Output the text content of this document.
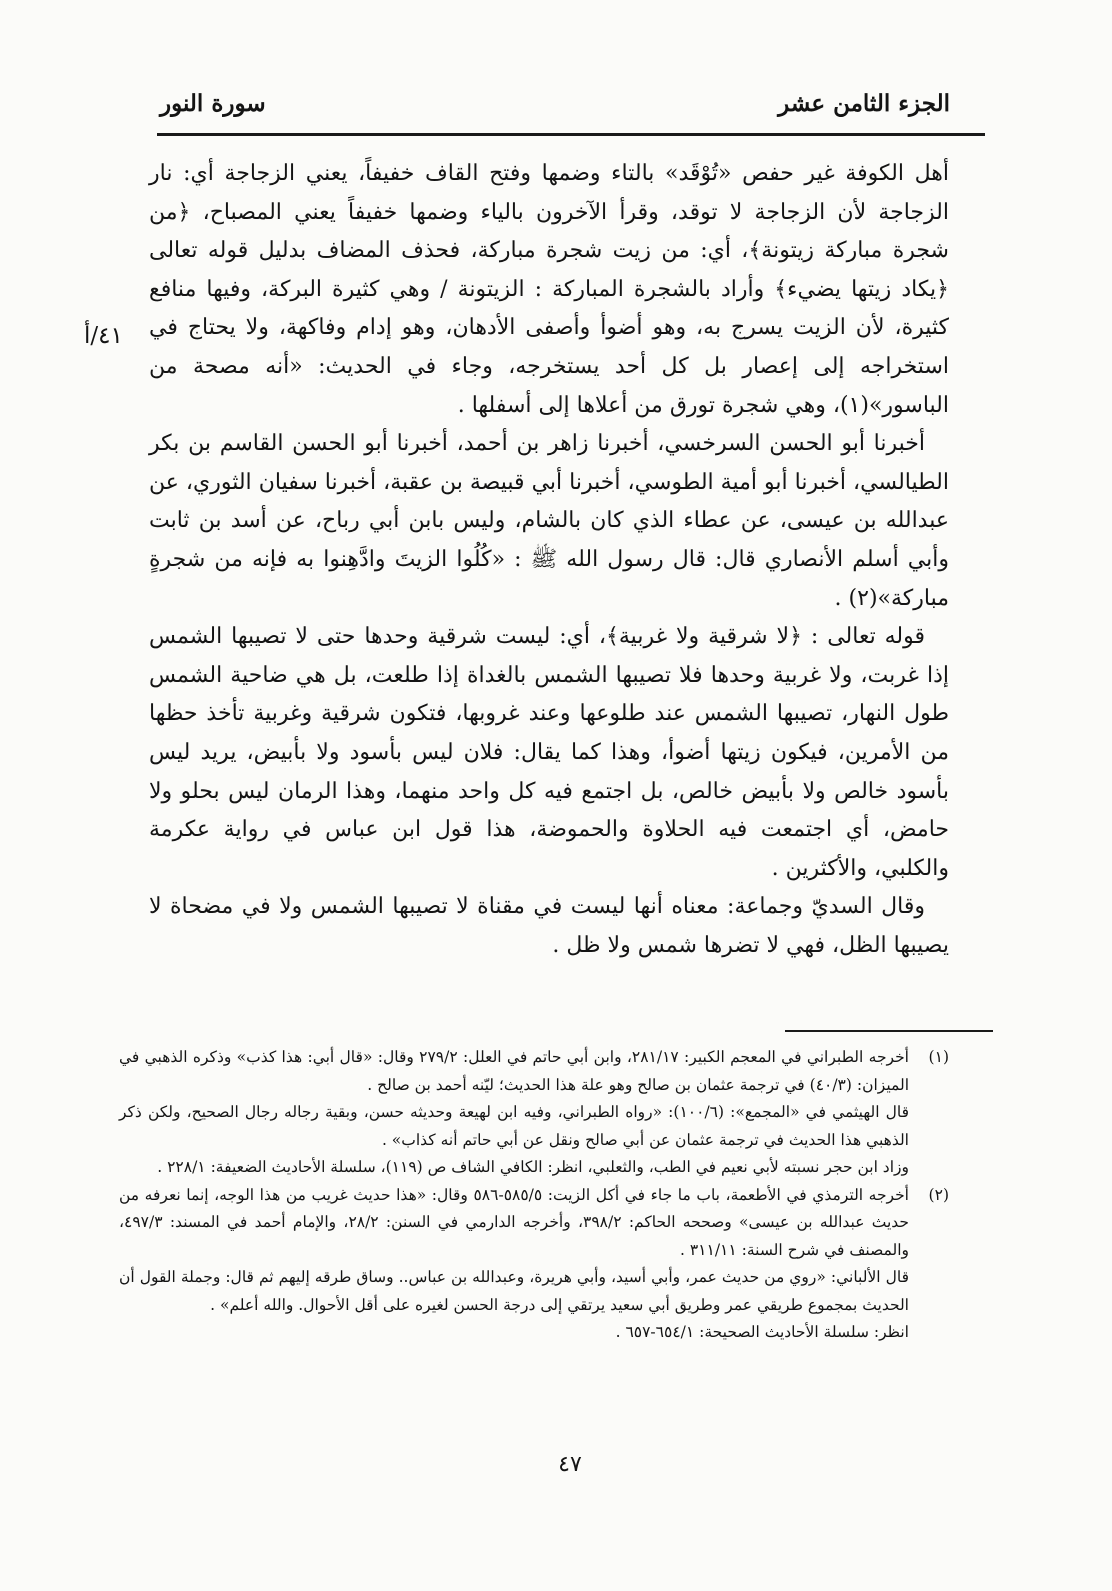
الجزء الثامن عشر
سورة النور
٤١/أ

أهل الكوفة غير حفص «تُوْقَد» بالتاء وضمها وفتح القاف خفيفاً، يعني الزجاجة أي: نار الزجاجة لأن الزجاجة لا توقد، وقرأ الآخرون بالياء وضمها خفيفاً يعني المصباح، ﴿من شجرة مباركة زيتونة﴾، أي: من زيت شجرة مباركة، فحذف المضاف بدليل قوله تعالى ﴿يكاد زيتها يضيء﴾ وأراد بالشجرة المباركة : الزيتونة / وهي كثيرة البركة، وفيها منافع كثيرة، لأن الزيت يسرج به، وهو أضوأ وأصفى الأدهان، وهو إدام وفاكهة، ولا يحتاج في استخراجه إلى إعصار بل كل أحد يستخرجه، وجاء في الحديث: «أنه مصحة من الباسور»(١)، وهي شجرة تورق من أعلاها إلى أسفلها .

أخبرنا أبو الحسن السرخسي، أخبرنا زاهر بن أحمد، أخبرنا أبو الحسن القاسم بن بكر الطيالسي، أخبرنا أبو أمية الطوسي، أخبرنا أبي قبيصة بن عقبة، أخبرنا سفيان الثوري، عن عبدالله بن عيسى، عن عطاء الذي كان بالشام، وليس بابن أبي رباح، عن أسد بن ثابت وأبي أسلم الأنصاري قال: قال رسول الله ﷺ : «كُلُوا الزيتَ وادَّهِنوا به فإنه من شجرةٍ مباركة»(٢) .

قوله تعالى : ﴿لا شرقية ولا غربية﴾، أي: ليست شرقية وحدها حتى لا تصيبها الشمس إذا غربت، ولا غربية وحدها فلا تصيبها الشمس بالغداة إذا طلعت، بل هي ضاحية الشمس طول النهار، تصيبها الشمس عند طلوعها وعند غروبها، فتكون شرقية وغربية تأخذ حظها من الأمرين، فيكون زيتها أضوأ، وهذا كما يقال: فلان ليس بأسود ولا بأبيض، يريد ليس بأسود خالص ولا بأبيض خالص، بل اجتمع فيه كل واحد منهما، وهذا الرمان ليس بحلو ولا حامض، أي اجتمعت فيه الحلاوة والحموضة، هذا قول ابن عباس في رواية عكرمة والكلبي، والأكثرين .

وقال السديّ وجماعة: معناه أنها ليست في مقناة لا تصيبها الشمس ولا في مضحاة لا يصيبها الظل، فهي لا تضرها شمس ولا ظل .

(١)

أخرجه الطبراني في المعجم الكبير: ٢٨١/١٧، وابن أبي حاتم في العلل: ٢٧٩/٢ وقال: «قال أبي: هذا كذب» وذكره الذهبي في الميزان: (٤٠/٣) في ترجمة عثمان بن صالح وهو علة هذا الحديث؛ ليّنه أحمد بن صالح .

قال الهيثمي في «المجمع»: (١٠٠/٦): «رواه الطبراني، وفيه ابن لهيعة وحديثه حسن، وبقية رجاله رجال الصحيح، ولكن ذكر الذهبي هذا الحديث في ترجمة عثمان عن أبي صالح ونقل عن أبي حاتم أنه كذاب» .

وزاد ابن حجر نسبته لأبي نعيم في الطب، والثعلبي، انظر: الكافي الشاف ص (١١٩)، سلسلة الأحاديث الضعيفة: ٢٢٨/١ .

(٢)

أخرجه الترمذي في الأطعمة، باب ما جاء في أكل الزيت: ٥٨٥/٥-٥٨٦ وقال: «هذا حديث غريب من هذا الوجه، إنما نعرفه من حديث عبدالله بن عيسى» وصححه الحاكم: ٣٩٨/٢، وأخرجه الدارمي في السنن: ٢٨/٢، والإمام أحمد في المسند: ٤٩٧/٣، والمصنف في شرح السنة: ٣١١/١١ .

قال الألباني: «روي من حديث عمر، وأبي أسيد، وأبي هريرة، وعبدالله بن عباس.. وساق طرقه إليهم ثم قال: وجملة القول أن الحديث بمجموع طريقي عمر وطريق أبي سعيد يرتقي إلى درجة الحسن لغيره على أقل الأحوال. والله أعلم» .

انظر: سلسلة الأحاديث الصحيحة: ٦٥٤/١-٦٥٧ .

٤٧
